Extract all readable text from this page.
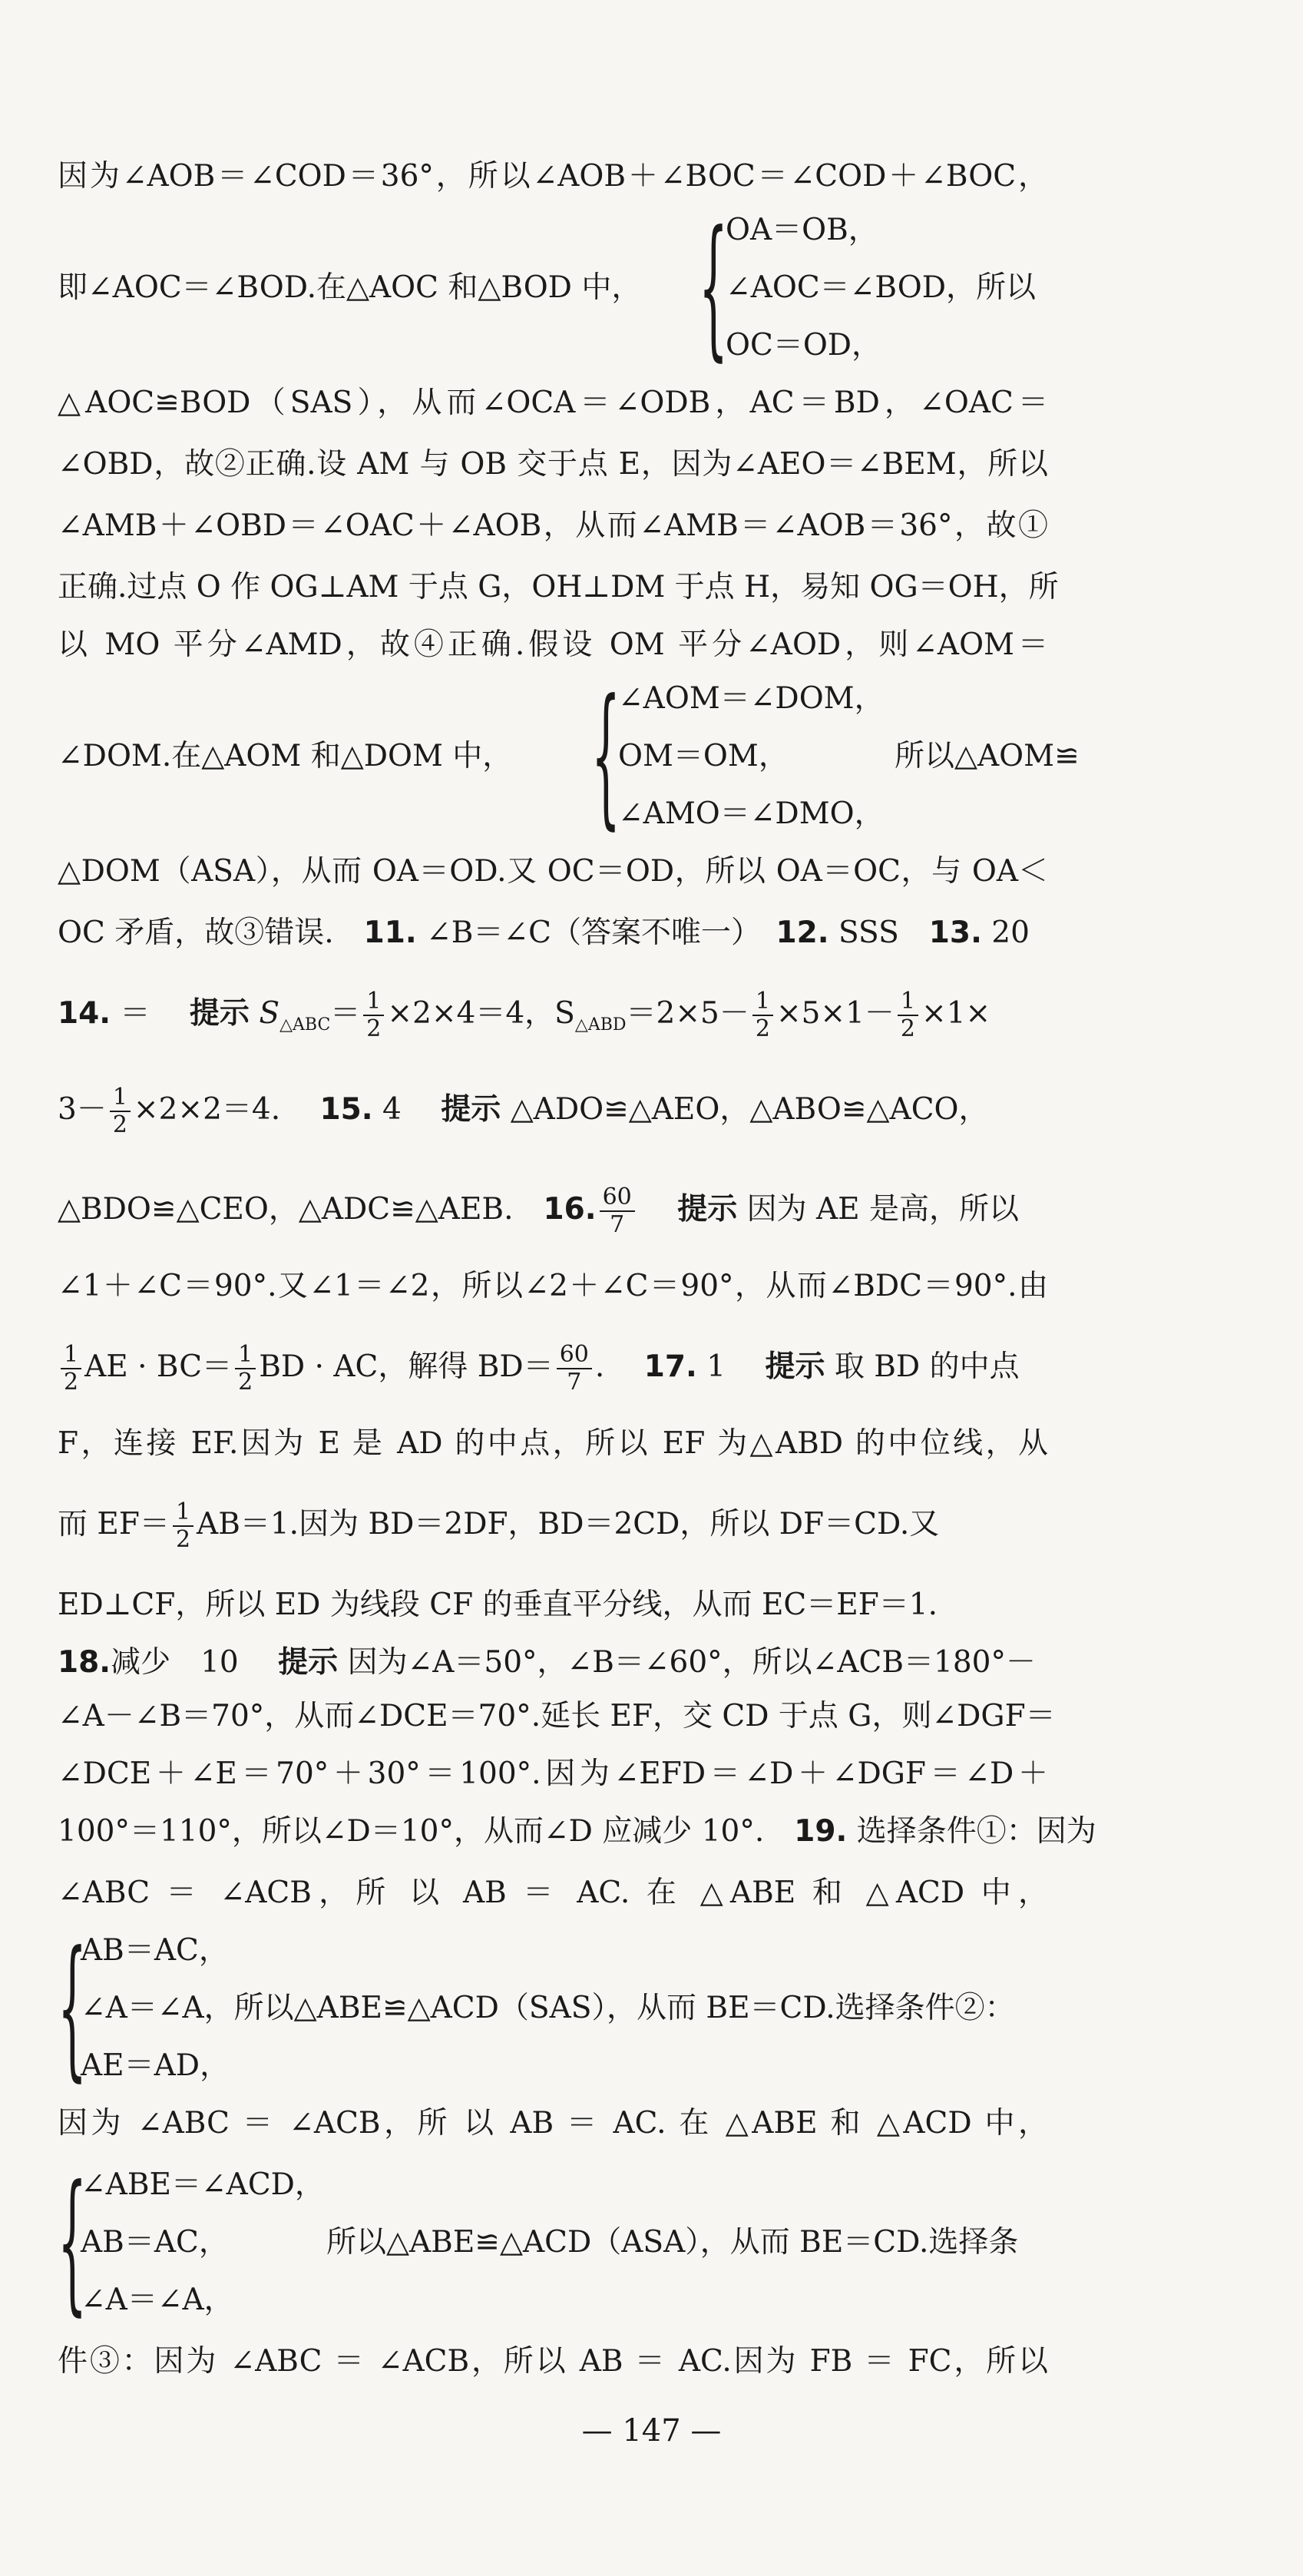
因为∠AOB＝∠COD＝36°，所以∠AOB＋∠BOC＝∠COD＋∠BOC，
即∠AOC＝∠BOD.在△AOC 和△BOD 中， {
OA＝OB，
∠AOC＝∠BOD，所以
OC＝OD，
△AOC≌BOD（SAS），从而∠OCA＝∠ODB，AC＝BD，∠OAC＝
∠OBD，故②正确.设 AM 与 OB 交于点 E，因为∠AEO＝∠BEM，所以
∠AMB＋∠OBD＝∠OAC＋∠AOB，从而∠AMB＝∠AOB＝36°，故①
正确.过点 O 作 OG⊥AM 于点 G，OH⊥DM 于点 H，易知 OG＝OH，所
以 MO 平分∠AMD，故④正确.假设 OM 平分∠AOD，则∠AOM＝
∠DOM.在△AOM 和△DOM 中， {
∠AOM＝∠DOM，
OM＝OM，
∠AMO＝∠DMO，
所以△AOM≌
△DOM（ASA），从而 OA＝OD.又 OC＝OD，所以 OA＝OC，与 OA＜
OC 矛盾，故③错误.　 11. ∠B＝∠C（答案不唯一）　 12. SSS　 13. 20
14. ＝　 提示 $S_{\triangle ABC}= \frac{1}{2} \times 2\times 4=4$，$S_{\triangle ABD}=2\times 5- \frac{1}{2} \times 5\times 1- \frac{1}{2} \times 1\times$
$3- \frac{1}{2} \times 2\times 2=4$.　 15. 4　 提示 △ADO≌△AEO，△ABO≌△ACO，
△BDO≌△CEO，△ADC≌△AEB.　 16. $\frac{60}{7}$
　 提示 因为 AE 是高，所以
∠1＋∠C＝90°.又∠1＝∠2，所以∠2＋∠C＝90°，从而∠BDC＝90°.由
$\frac{1}{2}$ AE · $BC= \frac{1}{2}$ BD · AC，解得 $BD= \frac{60}{7}$ .　 17. 1　 提示 取 BD 的中点
F，连接 EF.因为 E 是 AD 的中点，所以 EF 为△ABD 的中位线，从
而 $EF= \frac{1}{2} AB=1$.因为 BD＝2DF，BD＝2CD，所以 DF＝CD.又
ED⊥CF，所以 ED 为线段 CF 的垂直平分线，从而 EC＝EF＝1.
18.减少　10　 提示 因为∠A＝50°，∠B＝∠60°，所以∠ACB＝180°－
∠A－∠B＝70°，从而∠DCE＝70°.延长 EF，交 CD 于点 G，则∠DGF＝
∠DCE＋∠E＝70°＋30°＝100°.因为∠EFD＝∠D＋∠DGF＝∠D＋
100°＝110°，所以∠D＝10°，从而∠D 应减少 10°.　 19. 选择条件①：因为
∠ABC ＝ ∠ACB，所 以 AB ＝ AC. 在 △ABE 和 △ACD 中，
{
AB＝AC，
∠A＝∠A，所以△ABE≌△ACD（SAS），从而 BE＝CD.选择条件②：
AE＝AD，
因为 ∠ABC ＝ ∠ACB，所 以 AB ＝ AC. 在 △ABE 和 △ACD 中，
{
∠ABE＝∠ACD，
AB＝AC，
∠A＝∠A，
所以△ABE≌△ACD（ASA），从而 BE＝CD.选择条
件③：因为 ∠ABC ＝ ∠ACB，所以 AB ＝ AC.因为 FB ＝ FC，所以
— 147 —
